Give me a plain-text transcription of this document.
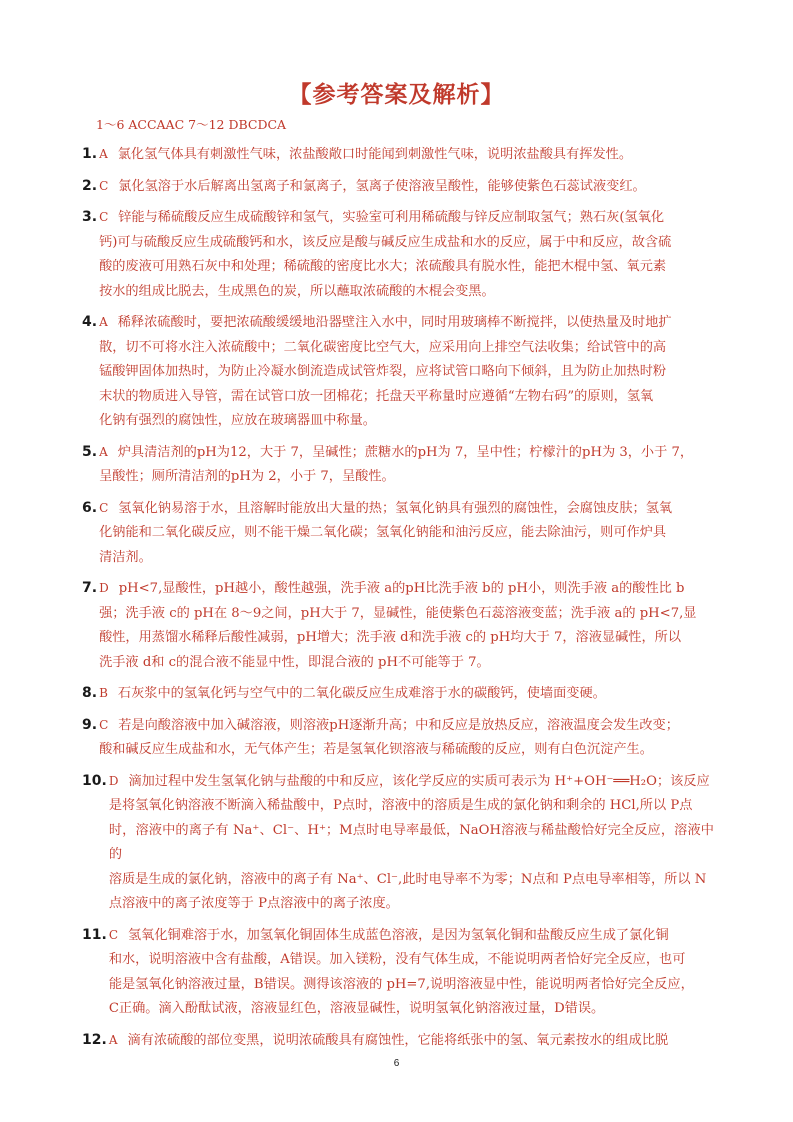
【参考答案及解析】
1～6 ACCAAC 7～12 DBCDCA
1. A 氯化氢气体具有刺激性气味，浓盐酸敞口时能闻到刺激性气味，说明浓盐酸具有挥发性。
2. C 氯化氢溶于水后解离出氢离子和氯离子，氢离子使溶液呈酸性，能够使紫色石蕊试液变红。
3. C 锌能与稀硫酸反应生成硫酸锌和氢气，实验室可利用稀硫酸与锌反应制取氢气；熟石灰(氢氧化
钙)可与硫酸反应生成硫酸钙和水，该反应是酸与碱反应生成盐和水的反应，属于中和反应，故含硫
酸的废液可用熟石灰中和处理；稀硫酸的密度比水大；浓硫酸具有脱水性，能把木棍中氢、氧元素
按水的组成比脱去，生成黑色的炭，所以蘸取浓硫酸的木棍会变黑。
4. A 稀释浓硫酸时，要把浓硫酸缓缓地沿器壁注入水中，同时用玻璃棒不断搅拌，以使热量及时地扩
散，切不可将水注入浓硫酸中；二氧化碳密度比空气大，应采用向上排空气法收集；给试管中的高
锰酸钾固体加热时，为防止冷凝水倒流造成试管炸裂，应将试管口略向下倾斜，且为防止加热时粉
末状的物质进入导管，需在试管口放一团棉花；托盘天平称量时应遵循“左物右码”的原则，氢氧
化钠有强烈的腐蚀性，应放在玻璃器皿中称量。
5. A 炉具清洁剂的pH为12，大于 7，呈碱性；蔗糖水的pH为 7，呈中性；柠檬汁的pH为 3，小于 7，
呈酸性；厕所清洁剂的pH为 2，小于 7，呈酸性。
6. C 氢氧化钠易溶于水，且溶解时能放出大量的热；氢氧化钠具有强烈的腐蚀性，会腐蚀皮肤；氢氧
化钠能和二氧化碳反应，则不能干燥二氧化碳；氢氧化钠能和油污反应，能去除油污，则可作炉具
清洁剂。
7. D pH<7,显酸性，pH越小，酸性越强，洗手液 a的pH比洗手液 b的 pH小，则洗手液 a的酸性比 b
强；洗手液 c的 pH在 8～9之间，pH大于 7，显碱性，能使紫色石蕊溶液变蓝；洗手液 a的 pH<7,显
酸性，用蒸馏水稀释后酸性减弱，pH增大；洗手液 d和洗手液 c的 pH均大于 7，溶液显碱性，所以
洗手液 d和 c的混合液不能显中性，即混合液的 pH不可能等于 7。
8. B 石灰浆中的氢氧化钙与空气中的二氧化碳反应生成难溶于水的碳酸钙，使墙面变硬。
9. C 若是向酸溶液中加入碱溶液，则溶液pH逐渐升高；中和反应是放热反应，溶液温度会发生改变；
酸和碱反应生成盐和水，无气体产生；若是氢氧化钡溶液与稀硫酸的反应，则有白色沉淀产生。
10. D 滴加过程中发生氢氧化钠与盐酸的中和反应，该化学反应的实质可表示为 H⁺+OH⁻══H₂O；该反应
是将氢氧化钠溶液不断滴入稀盐酸中，P点时，溶液中的溶质是生成的氯化钠和剩余的 HCl,所以 P点
时，溶液中的离子有 Na⁺、Cl⁻、H⁺；M点时电导率最低，NaOH溶液与稀盐酸恰好完全反应，溶液中的
溶质是生成的氯化钠，溶液中的离子有 Na⁺、Cl⁻,此时电导率不为零；N点和 P点电导率相等，所以 N
点溶液中的离子浓度等于 P点溶液中的离子浓度。
11. C 氢氧化铜难溶于水，加氢氧化铜固体生成蓝色溶液，是因为氢氧化铜和盐酸反应生成了氯化铜
和水，说明溶液中含有盐酸，A错误。加入镁粉，没有气体生成，不能说明两者恰好完全反应，也可
能是氢氧化钠溶液过量，B错误。测得该溶液的 pH=7,说明溶液显中性，能说明两者恰好完全反应，
C正确。滴入酚酞试液，溶液显红色，溶液显碱性，说明氢氧化钠溶液过量，D错误。
12. A 滴有浓硫酸的部位变黑，说明浓硫酸具有腐蚀性，它能将纸张中的氢、氧元素按水的组成比脱
6
